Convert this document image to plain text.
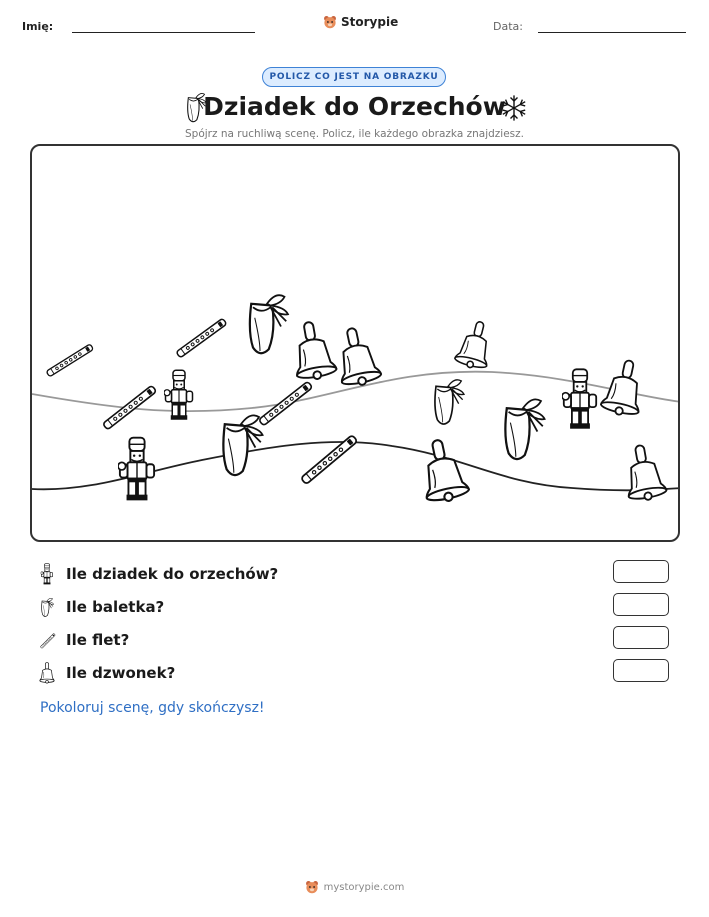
Imię:	Storypie	Data:
POLICZ CO JEST NA OBRAZKU
Dziadek do Orzechów
Spójrz na ruchliwą scenę. Policz, ile każdego obrazka znajdziesz.
Ile dziadek do orzechów?
Ile baletka?
Ile flet?
Ile dzwonek?
Pokoloruj scenę, gdy skończysz!
mystorypie.com
